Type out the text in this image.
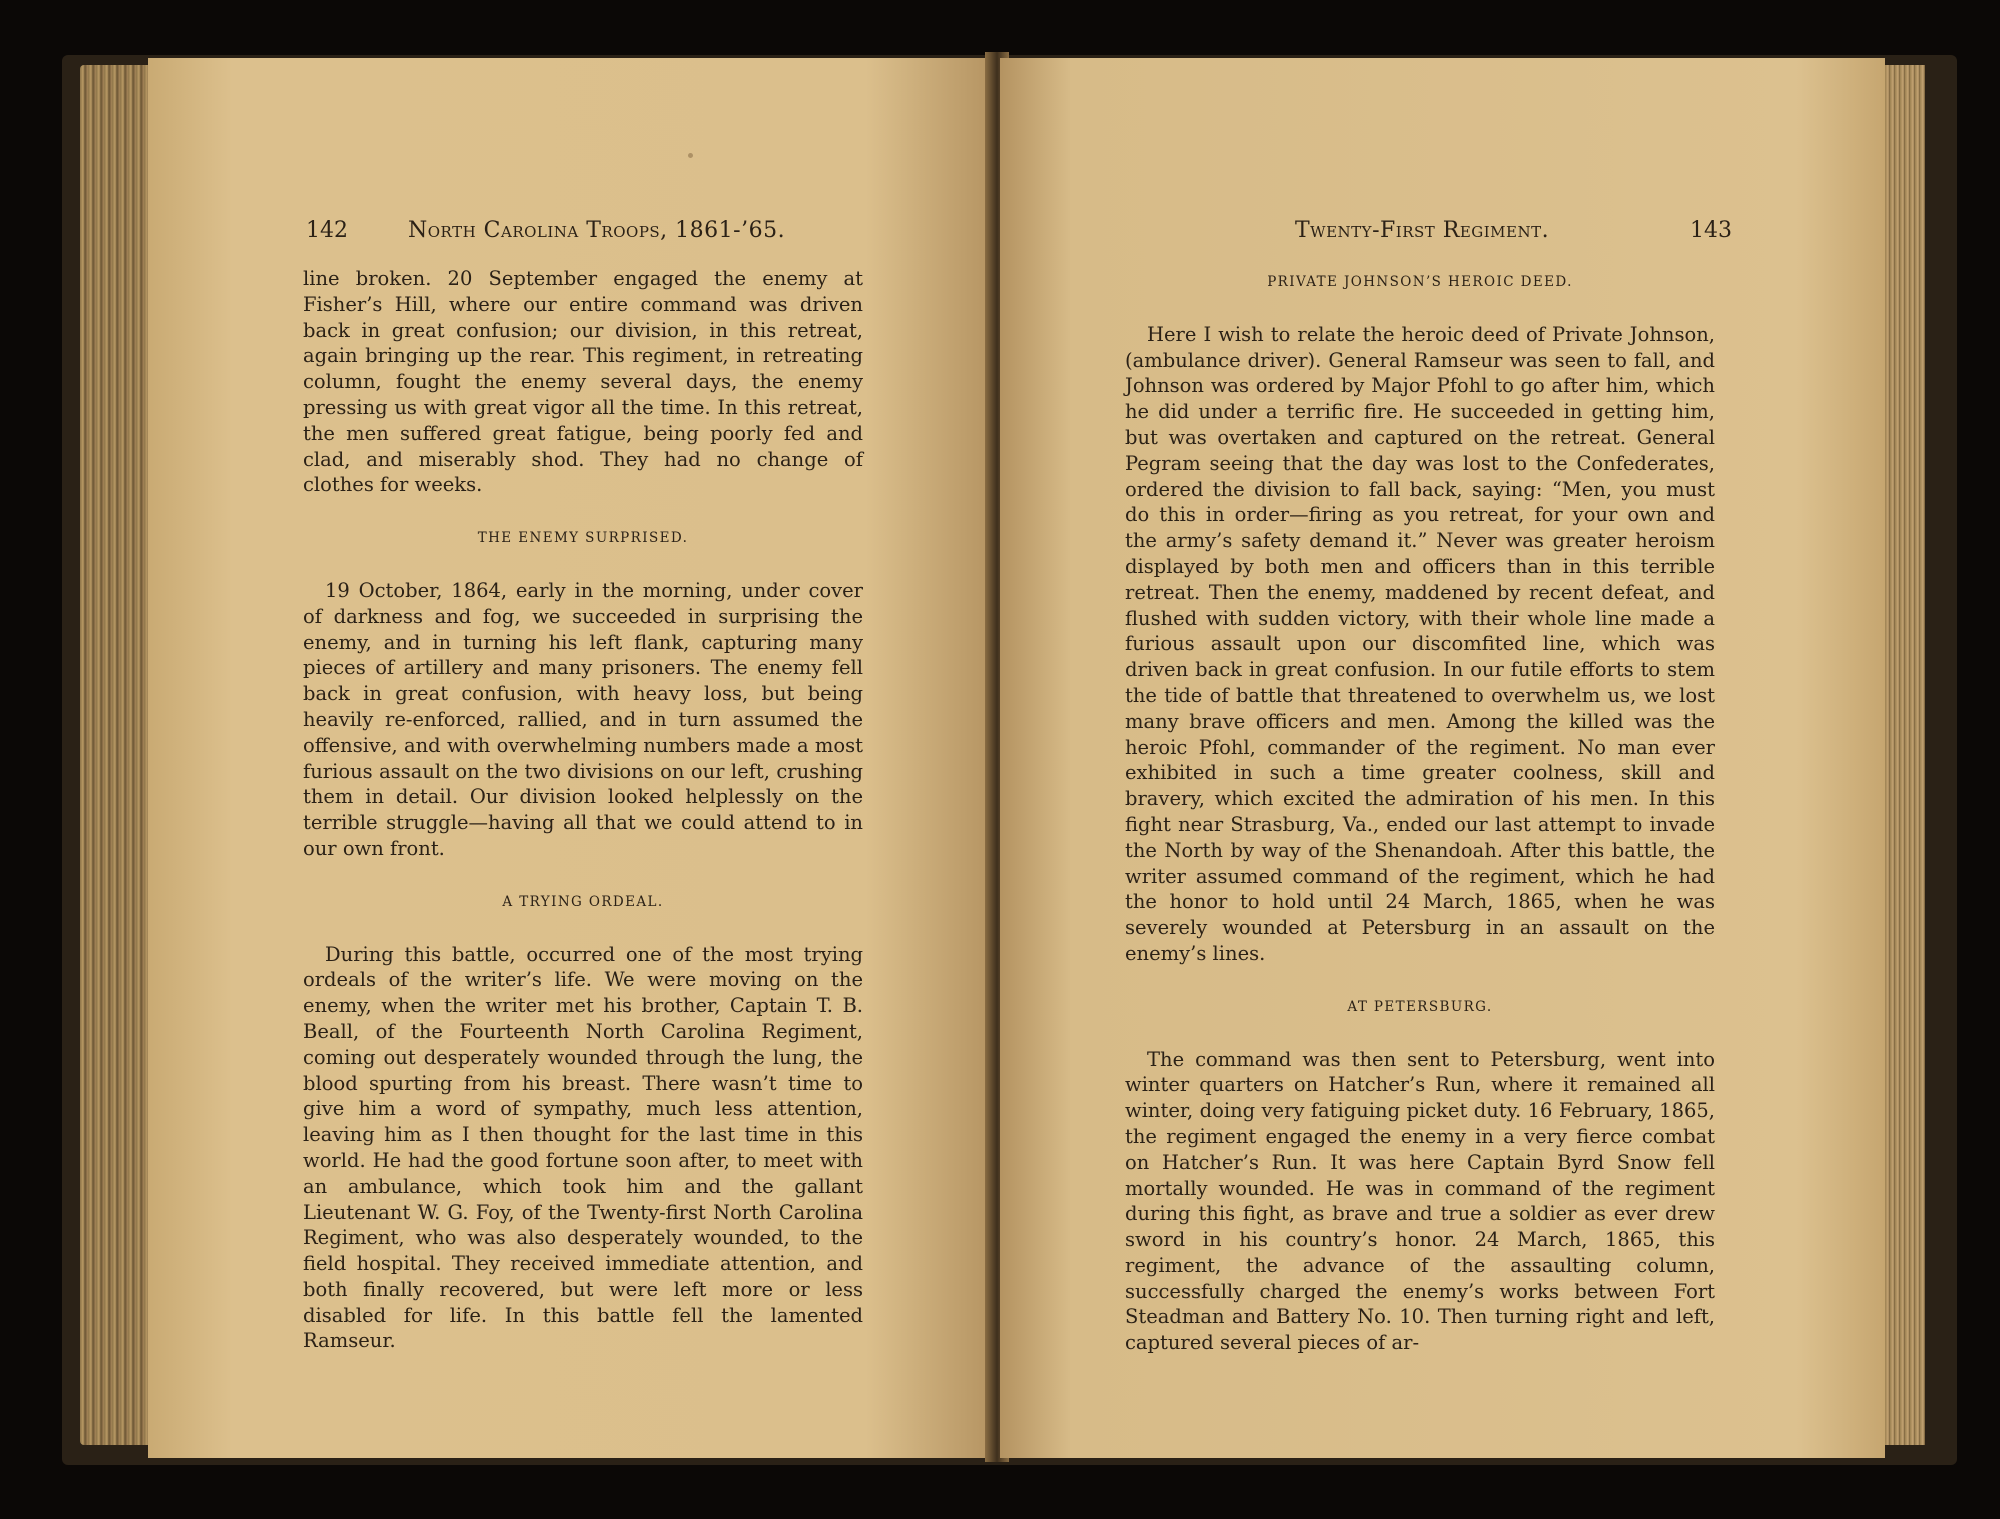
142	North Carolina Troops, 1861-’65.

line broken. 20 September engaged the enemy at Fisher’s Hill, where our entire command was driven back in great confusion; our division, in this retreat, again bringing up the rear. This regiment, in retreating column, fought the enemy several days, the enemy pressing us with great vigor all the time. In this retreat, the men suffered great fatigue, being poorly fed and clad, and miserably shod. They had no change of clothes for weeks.

THE ENEMY SURPRISED.

19 October, 1864, early in the morning, under cover of darkness and fog, we succeeded in surprising the enemy, and in turning his left flank, capturing many pieces of artillery and many prisoners. The enemy fell back in great confusion, with heavy loss, but being heavily re-enforced, rallied, and in turn assumed the offensive, and with overwhelming numbers made a most furious assault on the two divisions on our left, crushing them in detail. Our division looked helplessly on the terrible struggle—having all that we could attend to in our own front.

A TRYING ORDEAL.

During this battle, occurred one of the most trying ordeals of the writer’s life. We were moving on the enemy, when the writer met his brother, Captain T. B. Beall, of the Fourteenth North Carolina Regiment, coming out desperately wounded through the lung, the blood spurting from his breast. There wasn’t time to give him a word of sympathy, much less attention, leaving him as I then thought for the last time in this world. He had the good fortune soon after, to meet with an ambulance, which took him and the gallant Lieutenant W. G. Foy, of the Twenty-first North Carolina Regiment, who was also desperately wounded, to the field hospital. They received immediate attention, and both finally recovered, but were left more or less disabled for life. In this battle fell the lamented Ramseur.

Twenty-First Regiment.	143
PRIVATE JOHNSON’S HEROIC DEED.

Here I wish to relate the heroic deed of Private Johnson, (ambulance driver). General Ramseur was seen to fall, and Johnson was ordered by Major Pfohl to go after him, which he did under a terrific fire. He succeeded in getting him, but was overtaken and captured on the retreat. General Pegram seeing that the day was lost to the Confederates, ordered the division to fall back, saying: “Men, you must do this in order—firing as you retreat, for your own and the army’s safety demand it.” Never was greater heroism displayed by both men and officers than in this terrible retreat. Then the enemy, maddened by recent defeat, and flushed with sudden victory, with their whole line made a furious assault upon our discomfited line, which was driven back in great confusion. In our futile efforts to stem the tide of battle that threatened to overwhelm us, we lost many brave officers and men. Among the killed was the heroic Pfohl, commander of the regiment. No man ever exhibited in such a time greater coolness, skill and bravery, which excited the admiration of his men. In this fight near Strasburg, Va., ended our last attempt to invade the North by way of the Shenandoah. After this battle, the writer assumed command of the regiment, which he had the honor to hold until 24 March, 1865, when he was severely wounded at Petersburg in an assault on the enemy’s lines.

AT PETERSBURG.

The command was then sent to Petersburg, went into winter quarters on Hatcher’s Run, where it remained all winter, doing very fatiguing picket duty. 16 February, 1865, the regiment engaged the enemy in a very fierce combat on Hatcher’s Run. It was here Captain Byrd Snow fell mortally wounded. He was in command of the regiment during this fight, as brave and true a soldier as ever drew sword in his country’s honor. 24 March, 1865, this regiment, the advance of the assaulting column, successfully charged the enemy’s works between Fort Steadman and Battery No. 10. Then turning right and left, captured several pieces of ar-
